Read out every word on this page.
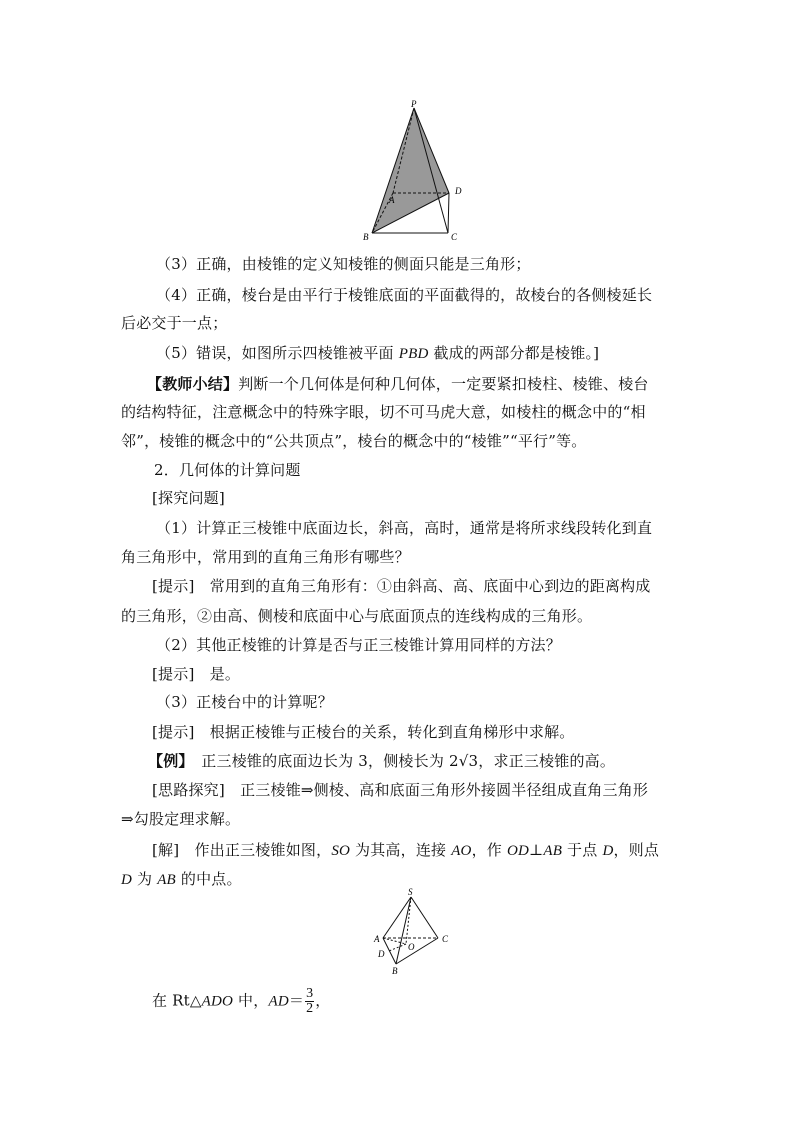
P
A
D
B	C
（3）正确，由棱锥的定义知棱锥的侧面只能是三角形；
（4）正确，棱台是由平行于棱锥底面的平面截得的，故棱台的各侧棱延长
后必交于一点；
（5）错误，如图所示四棱锥被平面 PBD 截成的两部分都是棱锥。]
【教师小结】判断一个几何体是何种几何体，一定要紧扣棱柱、棱锥、棱台
的结构特征，注意概念中的特殊字眼，切不可马虎大意，如棱柱的概念中的“相
邻”，棱锥的概念中的“公共顶点”，棱台的概念中的“棱锥”“平行”等。
2．几何体的计算问题
[探究问题]
（1）计算正三棱锥中底面边长，斜高，高时，通常是将所求线段转化到直
角三角形中，常用到的直角三角形有哪些？
[提示]　常用到的直角三角形有：①由斜高、高、底面中心到边的距离构成
的三角形，②由高、侧棱和底面中心与底面顶点的连线构成的三角形。
（2）其他正棱锥的计算是否与正三棱锥计算用同样的方法？
[提示]　是。
（3）正棱台中的计算呢？
[提示]　根据正棱锥与正棱台的关系，转化到直角梯形中求解。
【例】　正三棱锥的底面边长为 3，侧棱长为 2√3，求正三棱锥的高。
[思路探究]　正三棱锥⇒侧棱、高和底面三角形外接圆半径组成直角三角形
⇒勾股定理求解。
[解]　作出正三棱锥如图，SO 为其高，连接 AO，作 OD⊥AB 于点 D，则点
D 为 AB 的中点。
S
A	C
O
D
B
在 Rt△ADO 中，$AD= \frac{3}{2}$ ，
